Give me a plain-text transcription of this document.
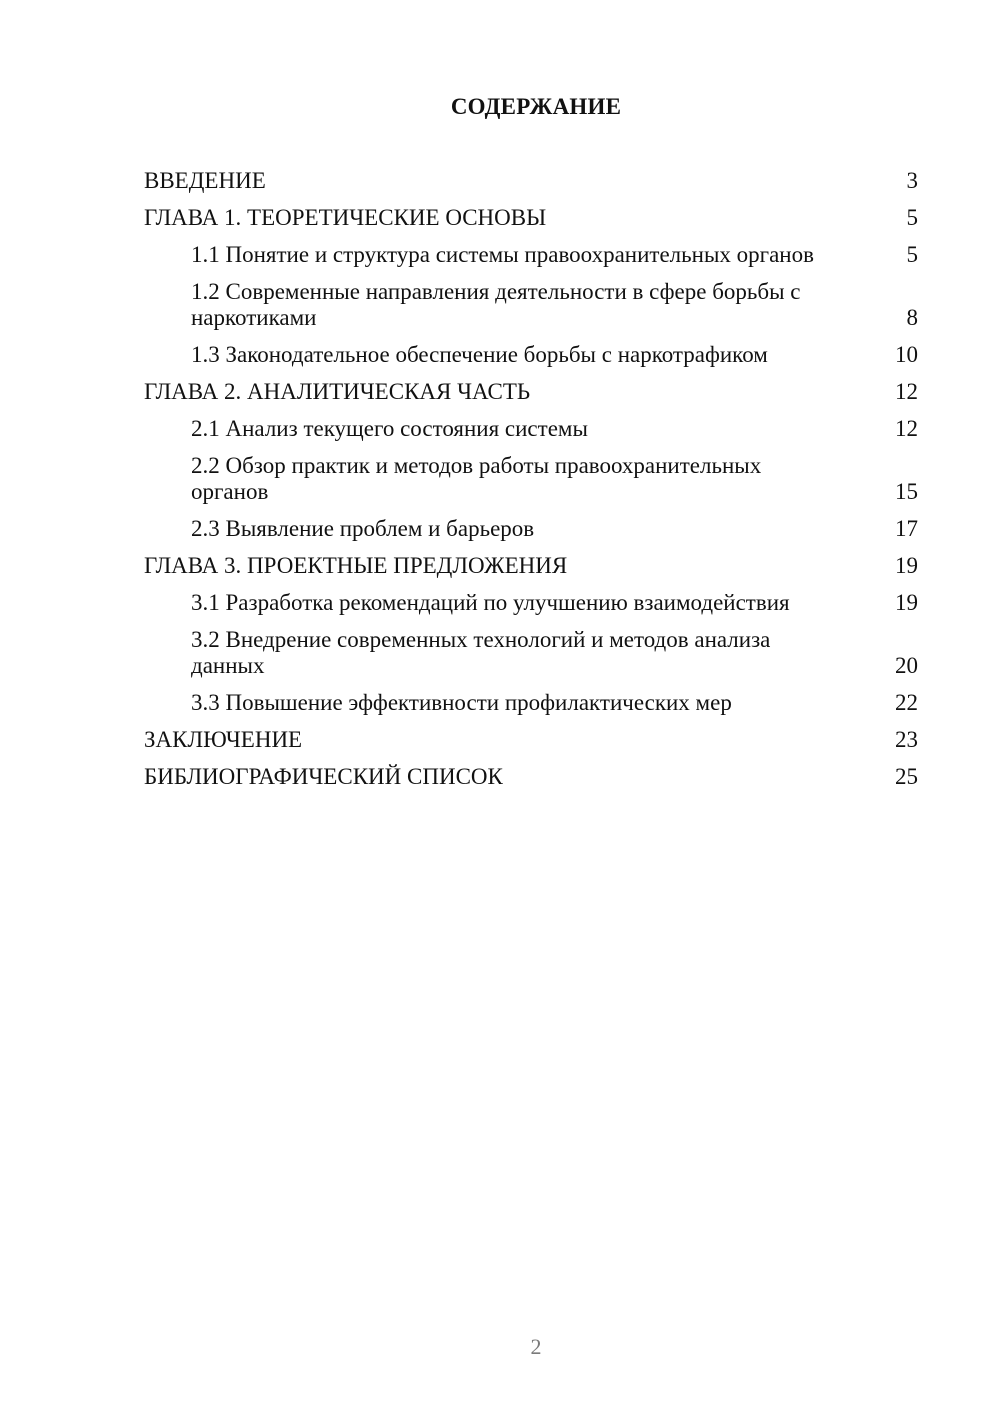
СОДЕРЖАНИЕ
ВВЕДЕНИЕ	3
ГЛАВА 1. ТЕОРЕТИЧЕСКИЕ ОСНОВЫ	5
1.1 Понятие и структура системы правоохранительных органов	5
1.2 Современные направления деятельности в сфере борьбы с наркотиками	8
1.3 Законодательное обеспечение борьбы с наркотрафиком	10
ГЛАВА 2. АНАЛИТИЧЕСКАЯ ЧАСТЬ	12
2.1 Анализ текущего состояния системы	12
2.2 Обзор практик и методов работы правоохранительных органов	15
2.3 Выявление проблем и барьеров	17
ГЛАВА 3. ПРОЕКТНЫЕ ПРЕДЛОЖЕНИЯ	19
3.1 Разработка рекомендаций по улучшению взаимодействия	19
3.2 Внедрение современных технологий и методов анализа данных	20
3.3 Повышение эффективности профилактических мер	22
ЗАКЛЮЧЕНИЕ	23
БИБЛИОГРАФИЧЕСКИЙ СПИСОК	25
2
